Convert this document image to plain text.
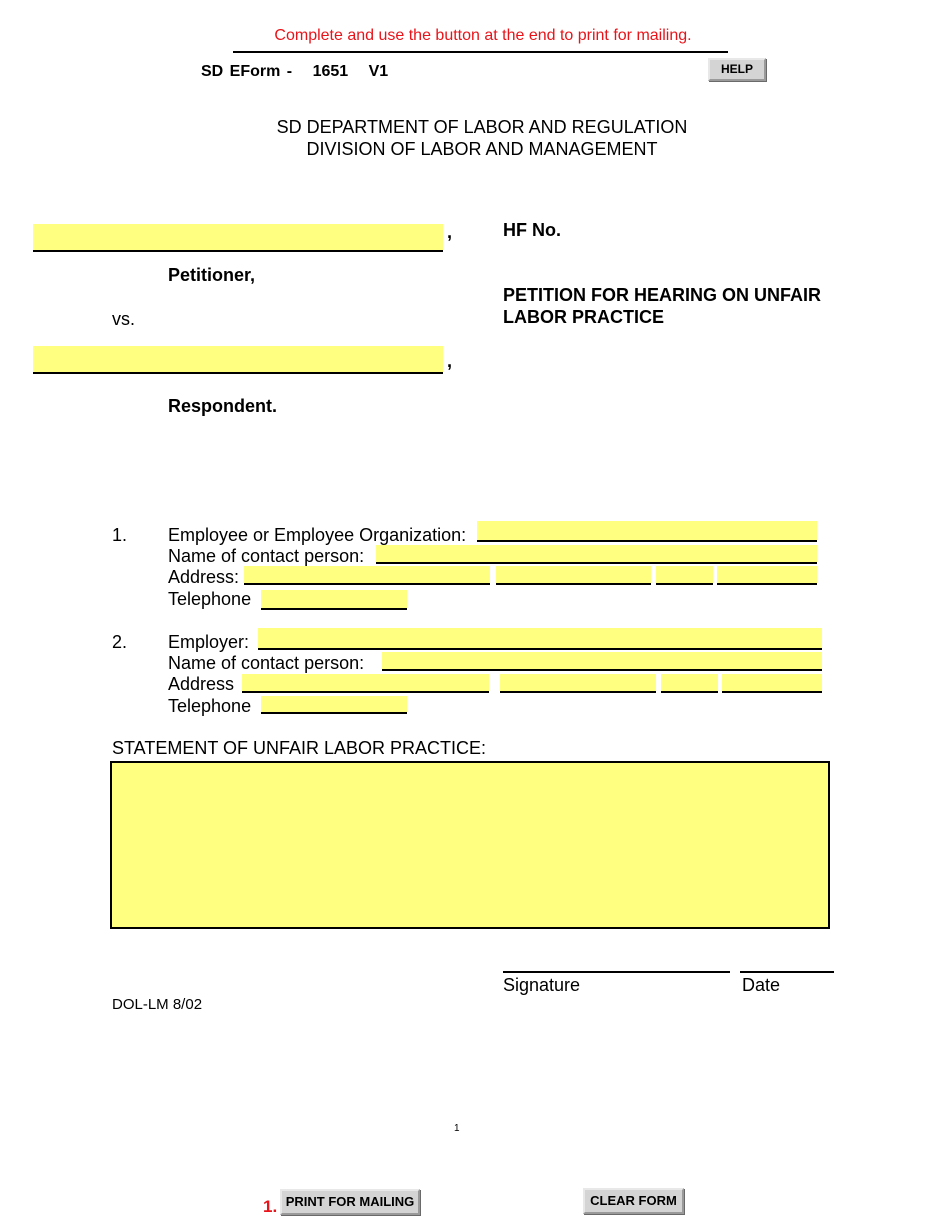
Complete and use the button at the end to print for mailing.
SD EForm - 1651 V1	HELP
SD DEPARTMENT OF LABOR AND REGULATION
DIVISION OF LABOR AND MANAGEMENT
,
Petitioner,
vs.
,
Respondent.
HF No.
PETITION FOR HEARING ON UNFAIR
LABOR PRACTICE
1. Employee or Employee Organization:
Name of contact person:
Address:
Telephone
2. Employer:
Name of contact person:
Address
Telephone
STATEMENT OF UNFAIR LABOR PRACTICE:
Signature	Date
DOL-LM 8/02
1
1. PRINT FOR MAILING	CLEAR FORM
